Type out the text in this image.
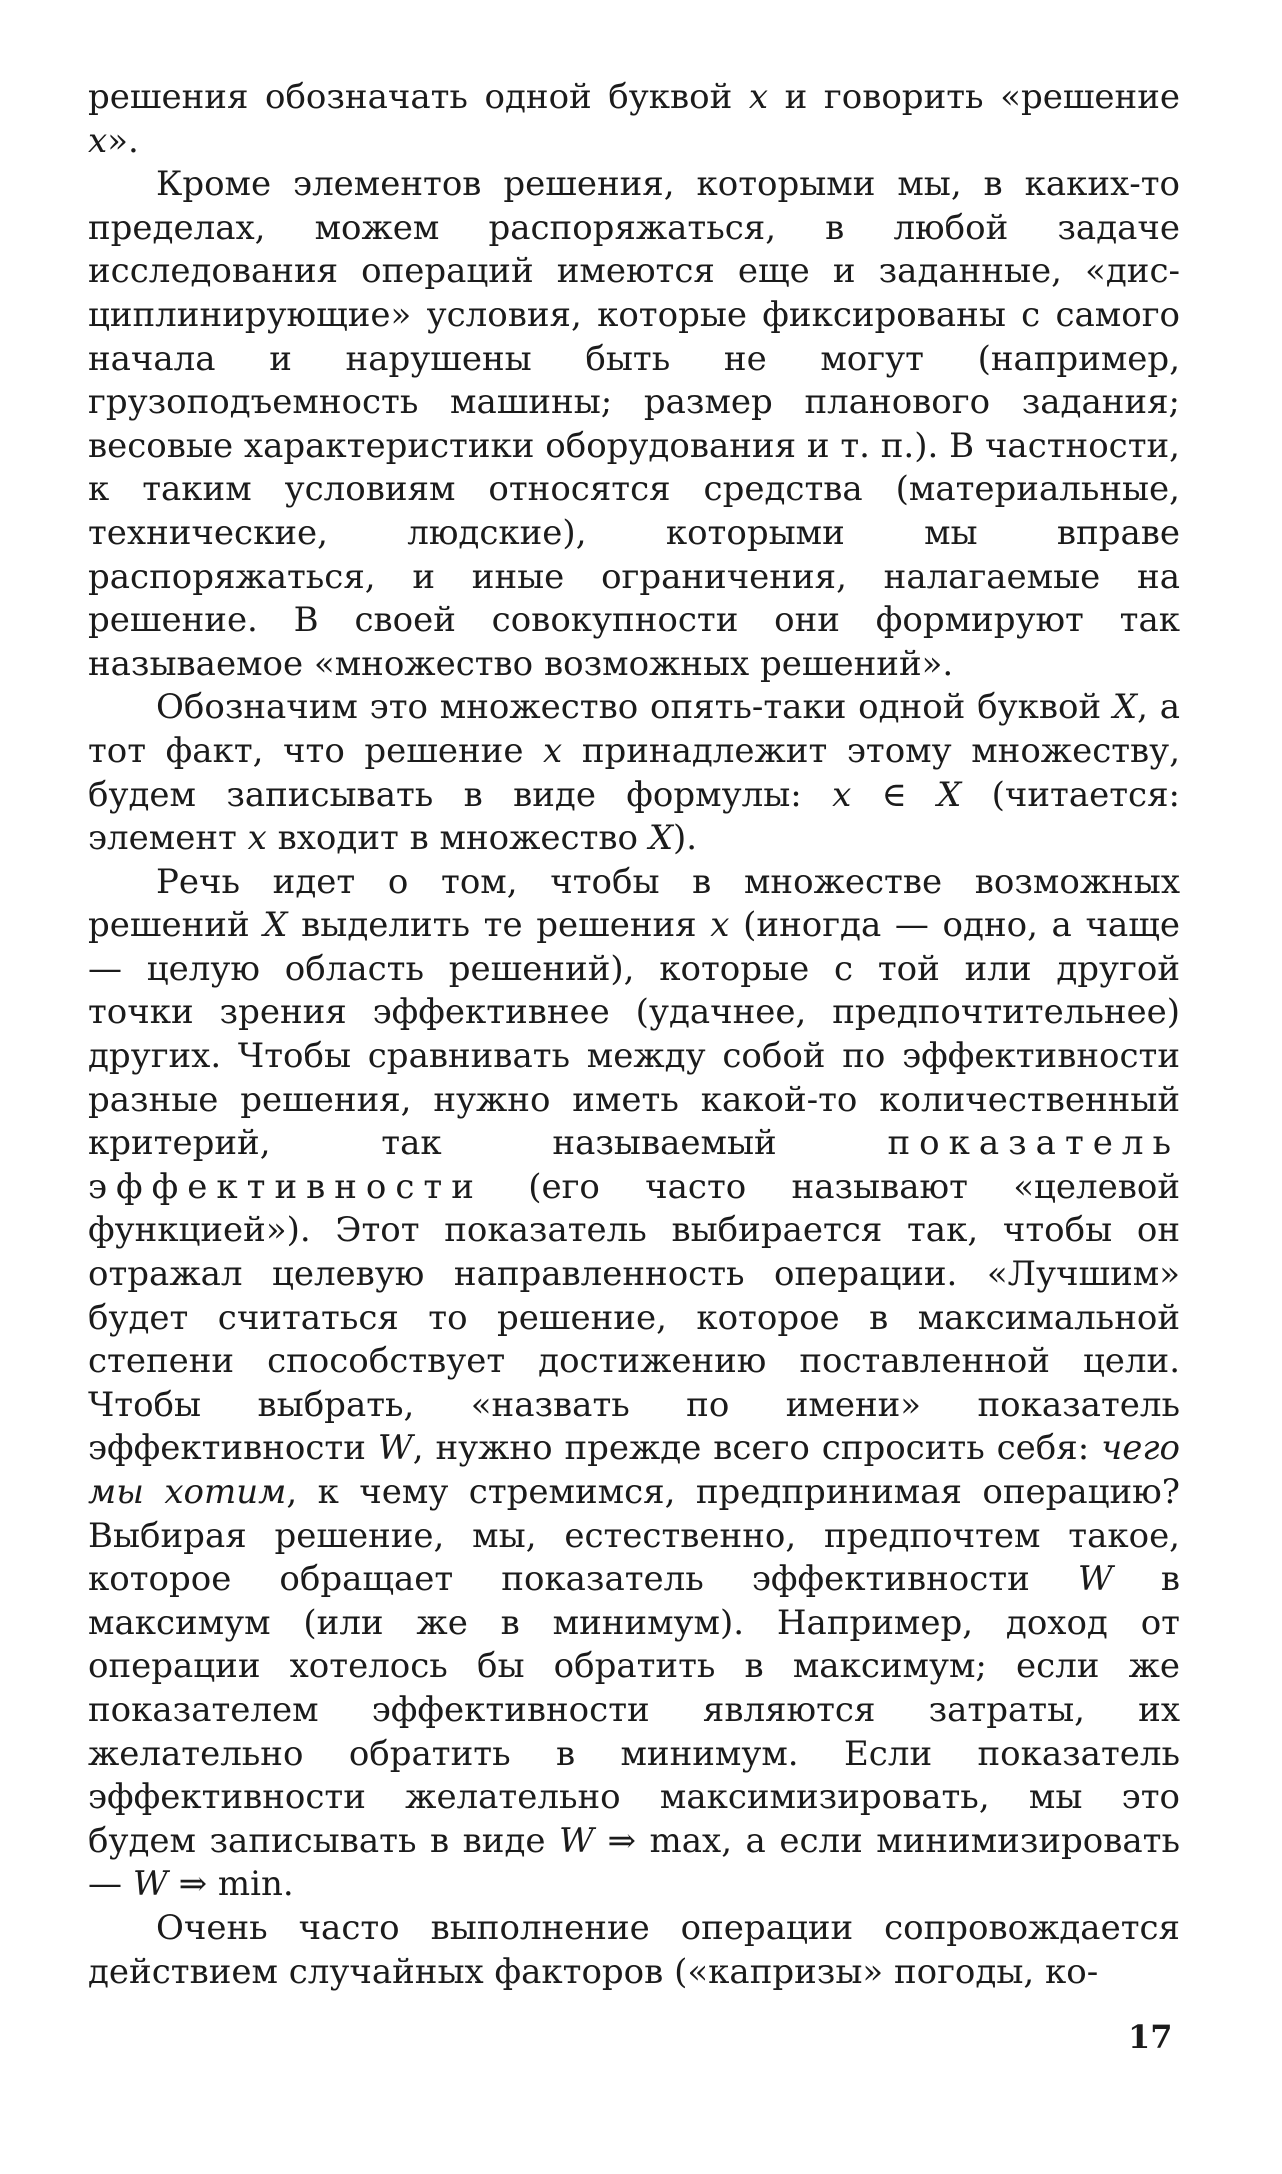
решения обозначать одной буквой x и говорить «решение x».

Кроме элементов решения, которыми мы, в каких-то пределах, можем распоряжаться, в любой задаче исследования операций имеются еще и заданные, «дисциплинирующие» условия, которые фиксированы с самого начала и нарушены быть не могут (например, грузоподъемность машины; размер планового задания; весовые характеристики оборудования и т. п.). В частности, к таким условиям относятся средства (материальные, технические, людские), которыми мы вправе распоряжаться, и иные ограничения, налагаемые на решение. В своей совокупности они формируют так называемое «множество возможных решений».

Обозначим это множество опять-таки одной буквой X, а тот факт, что решение x принадлежит этому множеству, будем записывать в виде формулы: x ∈ X (читается: элемент x входит в множество X).

Речь идет о том, чтобы в множестве возможных решений X выделить те решения x (иногда — одно, а чаще — целую область решений), которые с той или другой точки зрения эффективнее (удачнее, предпочтительнее) других. Чтобы сравнивать между собой по эффективности разные решения, нужно иметь какой-то количественный критерий, так называемый показатель эффективности (его часто называют «целевой функцией»). Этот показатель выбирается так, чтобы он отражал целевую направленность операции. «Лучшим» будет считаться то решение, которое в максимальной степени способствует достижению поставленной цели. Чтобы выбрать, «назвать по имени» показатель эффективности W, нужно прежде всего спросить себя: чего мы хотим, к чему стремимся, предпринимая операцию? Выбирая решение, мы, естественно, предпочтем такое, которое обращает показатель эффективности W в максимум (или же в минимум). Например, доход от операции хотелось бы обратить в максимум; если же показателем эффективности являются затраты, их желательно обратить в минимум. Если показатель эффективности желательно максимизировать, мы это будем записывать в виде W ⇒ max, а если минимизировать — W ⇒ min.

Очень часто выполнение операции сопровождается действием случайных факторов («капризы» погоды, ко-

17
